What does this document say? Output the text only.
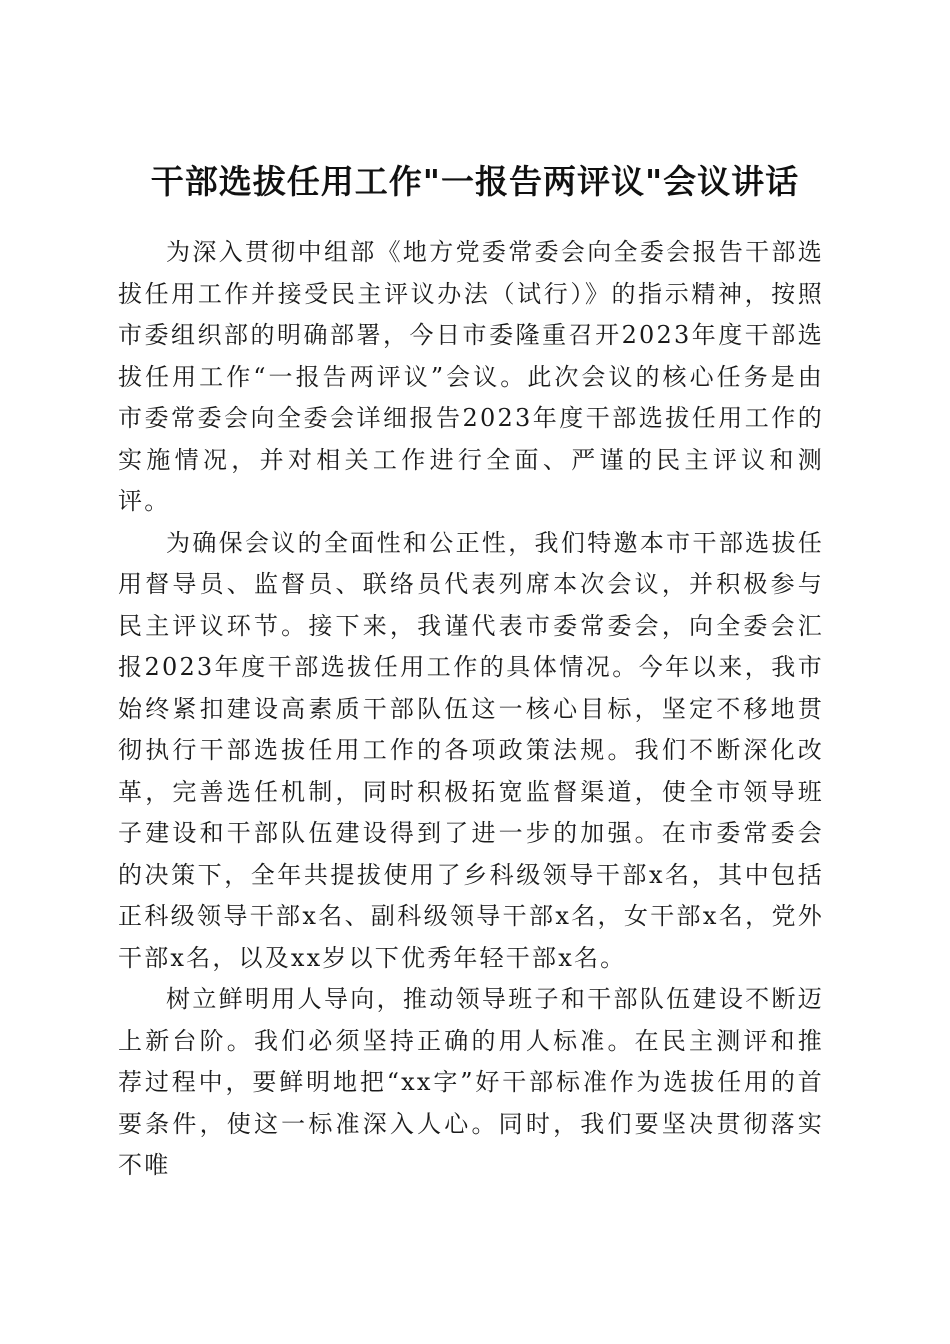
干部选拔任用工作"一报告两评议"会议讲话

为深入贯彻中组部《地方党委常委会向全委会报告干部选拔任用工作并接受民主评议办法（试行）》的指示精神，按照市委组织部的明确部署，今日市委隆重召开2023年度干部选拔任用工作“一报告两评议”会议。此次会议的核心任务是由市委常委会向全委会详细报告2023年度干部选拔任用工作的实施情况，并对相关工作进行全面、严谨的民主评议和测评。

为确保会议的全面性和公正性，我们特邀本市干部选拔任用督导员、监督员、联络员代表列席本次会议，并积极参与民主评议环节。接下来，我谨代表市委常委会，向全委会汇报2023年度干部选拔任用工作的具体情况。今年以来，我市始终紧扣建设高素质干部队伍这一核心目标，坚定不移地贯彻执行干部选拔任用工作的各项政策法规。我们不断深化改革，完善选任机制，同时积极拓宽监督渠道，使全市领导班子建设和干部队伍建设得到了进一步的加强。在市委常委会的决策下，全年共提拔使用了乡科级领导干部x名，其中包括正科级领导干部x名、副科级领导干部x名，女干部x名，党外干部x名，以及xx岁以下优秀年轻干部x名。

树立鲜明用人导向，推动领导班子和干部队伍建设不断迈上新台阶。我们必须坚持正确的用人标准。在民主测评和推荐过程中，要鲜明地把“xx字”好干部标准作为选拔任用的首要条件，使这一标准深入人心。同时，我们要坚决贯彻落实不唯
